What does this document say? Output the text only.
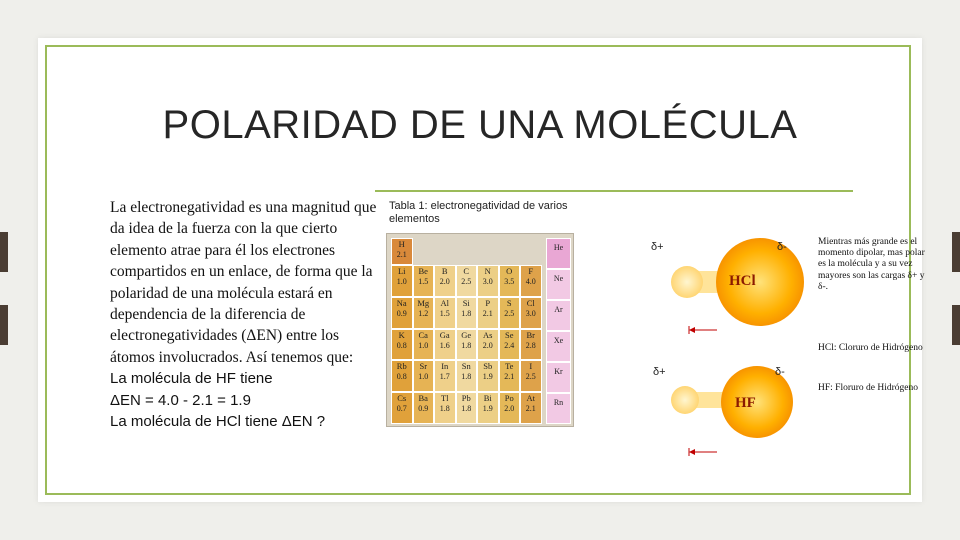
POLARIDAD DE UNA MOLÉCULA
La electronegatividad es una magnitud que da idea de la fuerza con la que cierto elemento atrae para él los electrones compartidos en un enlace, de forma que la polaridad de una molécula estará en dependencia de la diferencia de electronegatividades (ΔEN) entre los átomos involucrados. Así tenemos que:
La molécula de HF tiene
ΔEN = 4.0 - 2.1 = 1.9
La molécula de HCl tiene ΔEN ?
Tabla 1: electronegatividad de varios elementos
H
2.1
Li
1.0
Be
1.5
B
2.0
C
2.5
N
3.0
O
3.5
F
4.0
Na
0.9
Mg
1.2
Al
1.5
Si
1.8
P
2.1
S
2.5
Cl
3.0
K
0.8
Ca
1.0
Ga
1.6
Ge
1.8
As
2.0
Se
2.4
Br
2.8
Rb
0.8
Sr
1.0
In
1.7
Sn
1.8
Sb
1.9
Te
2.1
I
2.5
Cs
0.7
Ba
0.9
Tl
1.8
Pb
1.8
Bi
1.9
Po
2.0
At
2.1
He
Ne
Ar
Xe
Kr
Rn
δ+	δ-
HCl
δ+	δ-
HF
Mientras más grande es el momento dipolar, mas polar es la molécula y a su vez mayores son las cargas δ+ y δ-.
HCl: Cloruro de Hidrógeno
HF: Floruro de Hidrógeno
